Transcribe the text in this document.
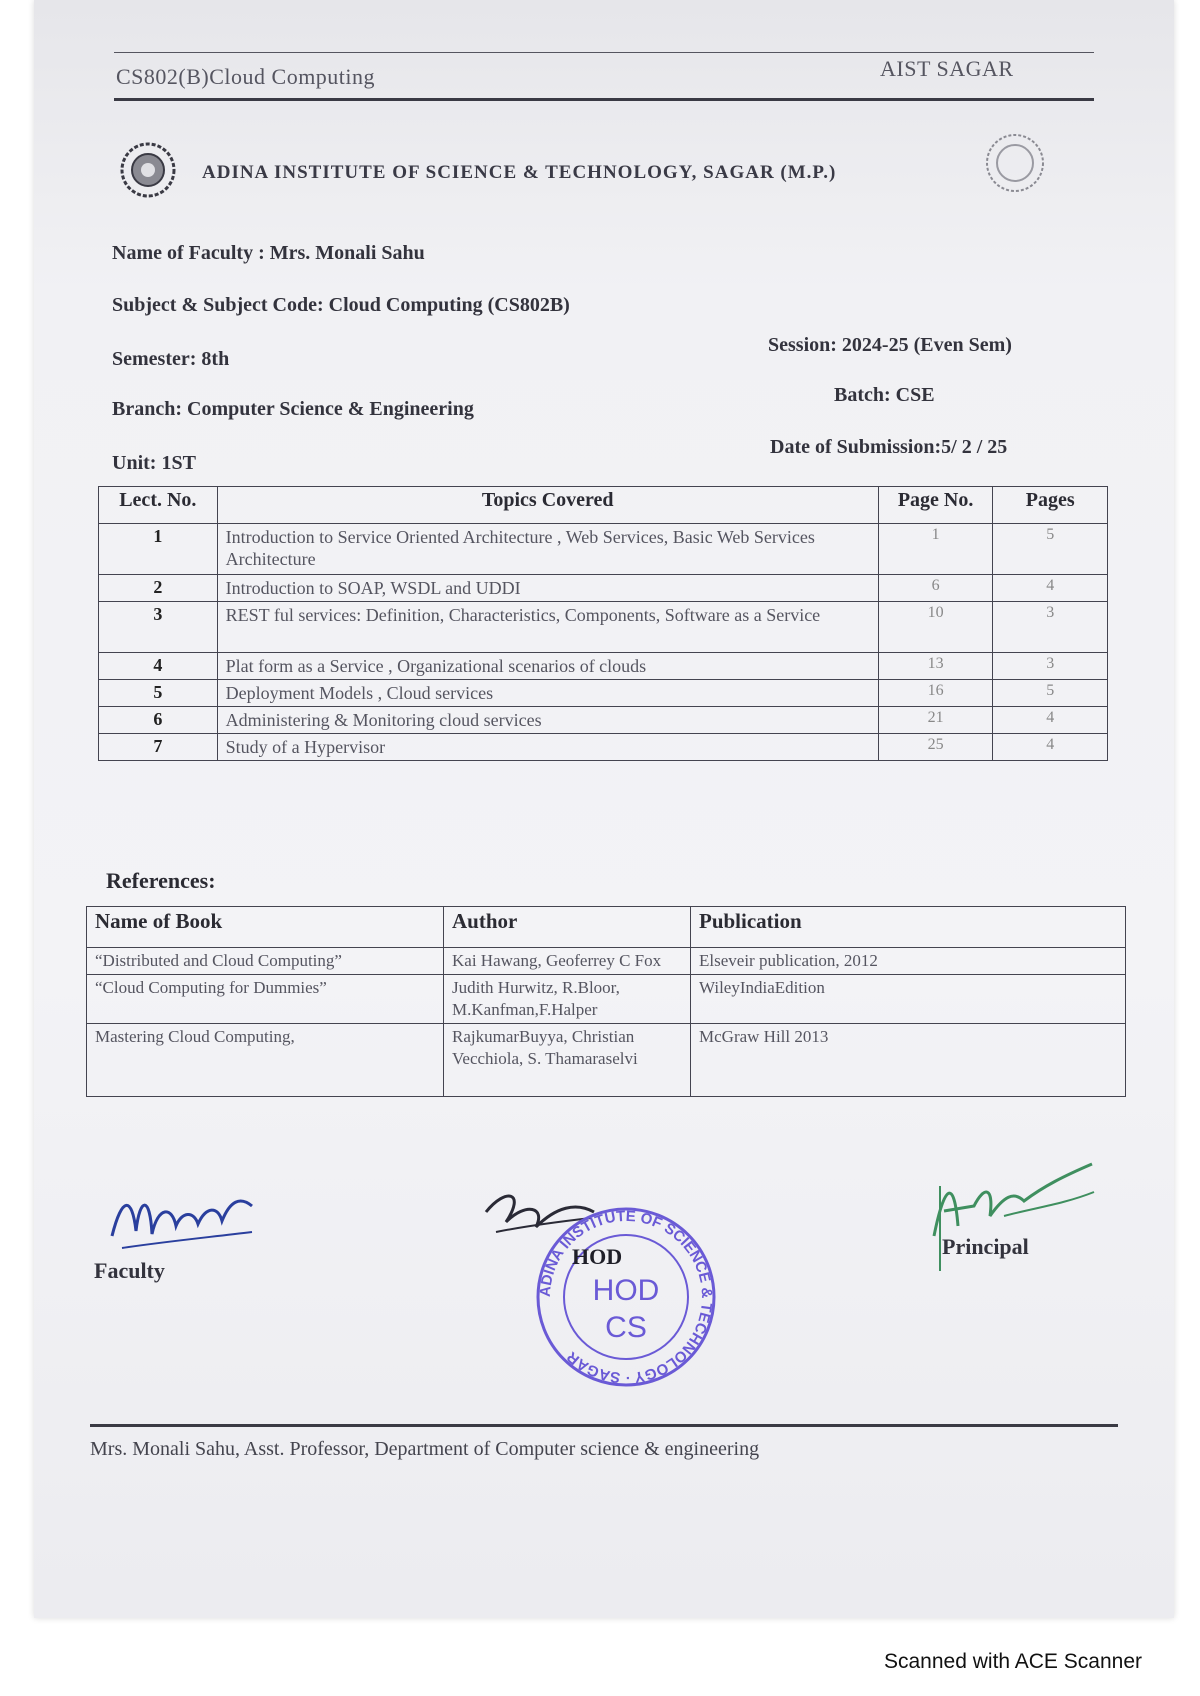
CS802(B)Cloud Computing	AIST SAGAR
ADINA INSTITUTE OF SCIENCE & TECHNOLOGY, SAGAR (M.P.)
Name of Faculty : Mrs. Monali Sahu
Subject & Subject Code: Cloud Computing (CS802B)
Semester: 8th
Session: 2024-25 (Even Sem)
Batch: CSE
Branch: Computer Science & Engineering
Unit: 1ST
Date of Submission:5/ 2 / 25
Lect. No.	Topics Covered	Page No.	Pages
1	Introduction to Service Oriented Architecture , Web Services, Basic Web Services Architecture	1	5
2	Introduction to SOAP, WSDL and UDDI	6	4
3	REST ful services: Definition, Characteristics, Components, Software as a Service	10	3
4	Plat form as a Service , Organizational scenarios of clouds	13	3
5	Deployment Models , Cloud services	16	5
6	Administering & Monitoring cloud services	21	4
7	Study of a Hypervisor	25	4
References:
Name of Book	Author	Publication
“Distributed and Cloud Computing”	Kai Hawang, Geoferrey C Fox	Elseveir publication, 2012
“Cloud Computing for Dummies”	Judith Hurwitz, R.Bloor, M.Kanfman,F.Halper	WileyIndiaEdition
Mastering Cloud Computing,	RajkumarBuyya, Christian Vecchiola, S. Thamaraselvi	McGraw Hill 2013
Faculty
ADINA INSTITUTE OF SCIENCE & TECHNOLOGY · SAGAR
HOD
CS
HOD	Principal
Mrs. Monali Sahu, Asst. Professor, Department of Computer science & engineering
Scanned with ACE Scanner
